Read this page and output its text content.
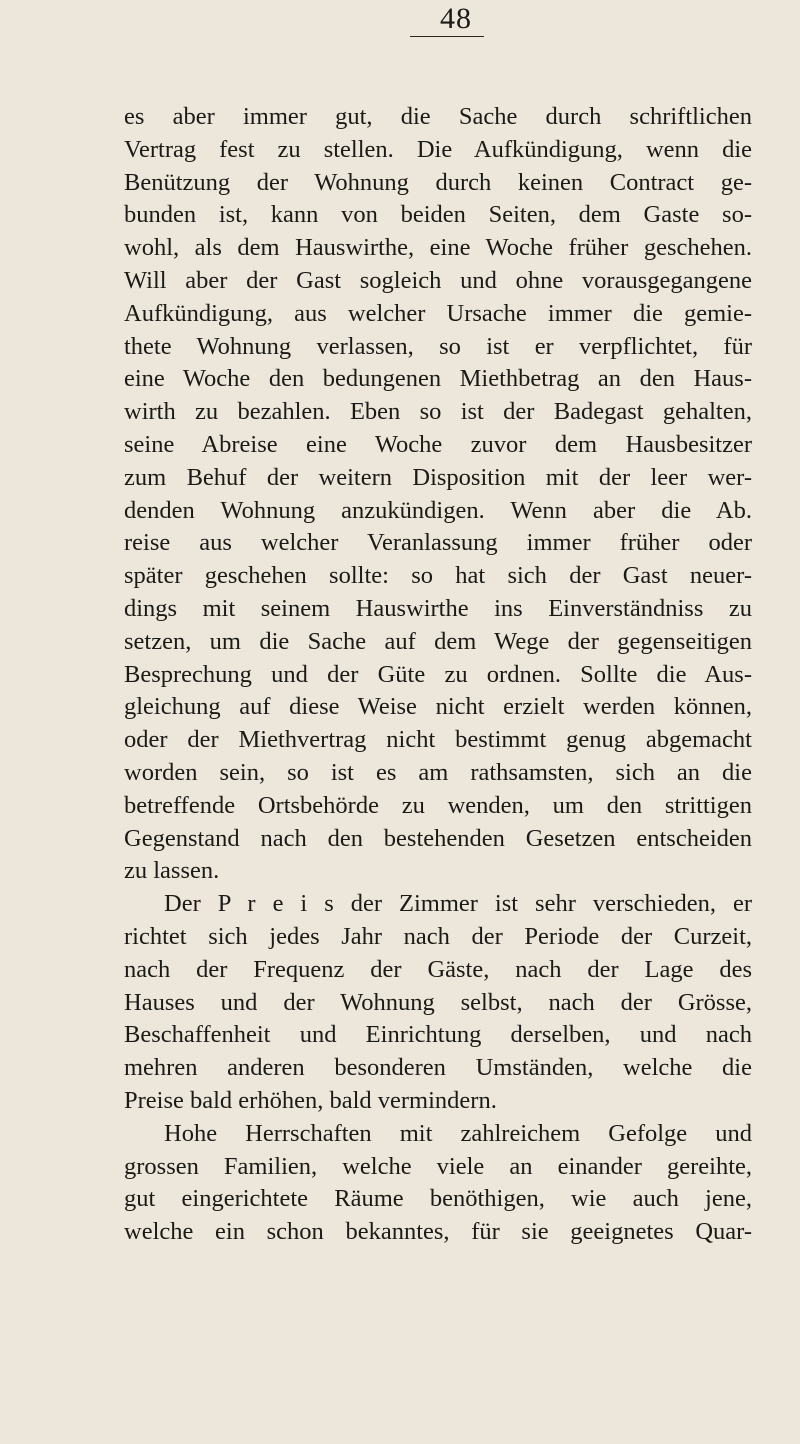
48
es aber immer gut, die Sache durch schriftlichen
Vertrag fest zu stellen. Die Aufkündigung, wenn die
Benützung der Wohnung durch keinen Contract ge-
bunden ist, kann von beiden Seiten, dem Gaste so-
wohl, als dem Hauswirthe, eine Woche früher geschehen.
Will aber der Gast sogleich und ohne vorausgegangene
Aufkündigung, aus welcher Ursache immer die gemie-
thete Wohnung verlassen, so ist er verpflichtet, für
eine Woche den bedungenen Miethbetrag an den Haus-
wirth zu bezahlen. Eben so ist der Badegast gehalten,
seine Abreise eine Woche zuvor dem Hausbesitzer
zum Behuf der weitern Disposition mit der leer wer-
denden Wohnung anzukündigen. Wenn aber die Ab.
reise aus welcher Veranlassung immer früher oder
später geschehen sollte: so hat sich der Gast neuer-
dings mit seinem Hauswirthe ins Einverständniss zu
setzen, um die Sache auf dem Wege der gegenseitigen
Besprechung und der Güte zu ordnen. Sollte die Aus-
gleichung auf diese Weise nicht erzielt werden können,
oder der Miethvertrag nicht bestimmt genug abgemacht
worden sein, so ist es am rathsamsten, sich an die
betreffende Ortsbehörde zu wenden, um den strittigen
Gegenstand nach den bestehenden Gesetzen entscheiden
zu lassen.
Der P r e i s der Zimmer ist sehr verschieden, er
richtet sich jedes Jahr nach der Periode der Curzeit,
nach der Frequenz der Gäste, nach der Lage des
Hauses und der Wohnung selbst, nach der Grösse,
Beschaffenheit und Einrichtung derselben, und nach
mehren anderen besonderen Umständen, welche die
Preise bald erhöhen, bald vermindern.
Hohe Herrschaften mit zahlreichem Gefolge und
grossen Familien, welche viele an einander gereihte,
gut eingerichtete Räume benöthigen, wie auch jene,
welche ein schon bekanntes, für sie geeignetes Quar-
